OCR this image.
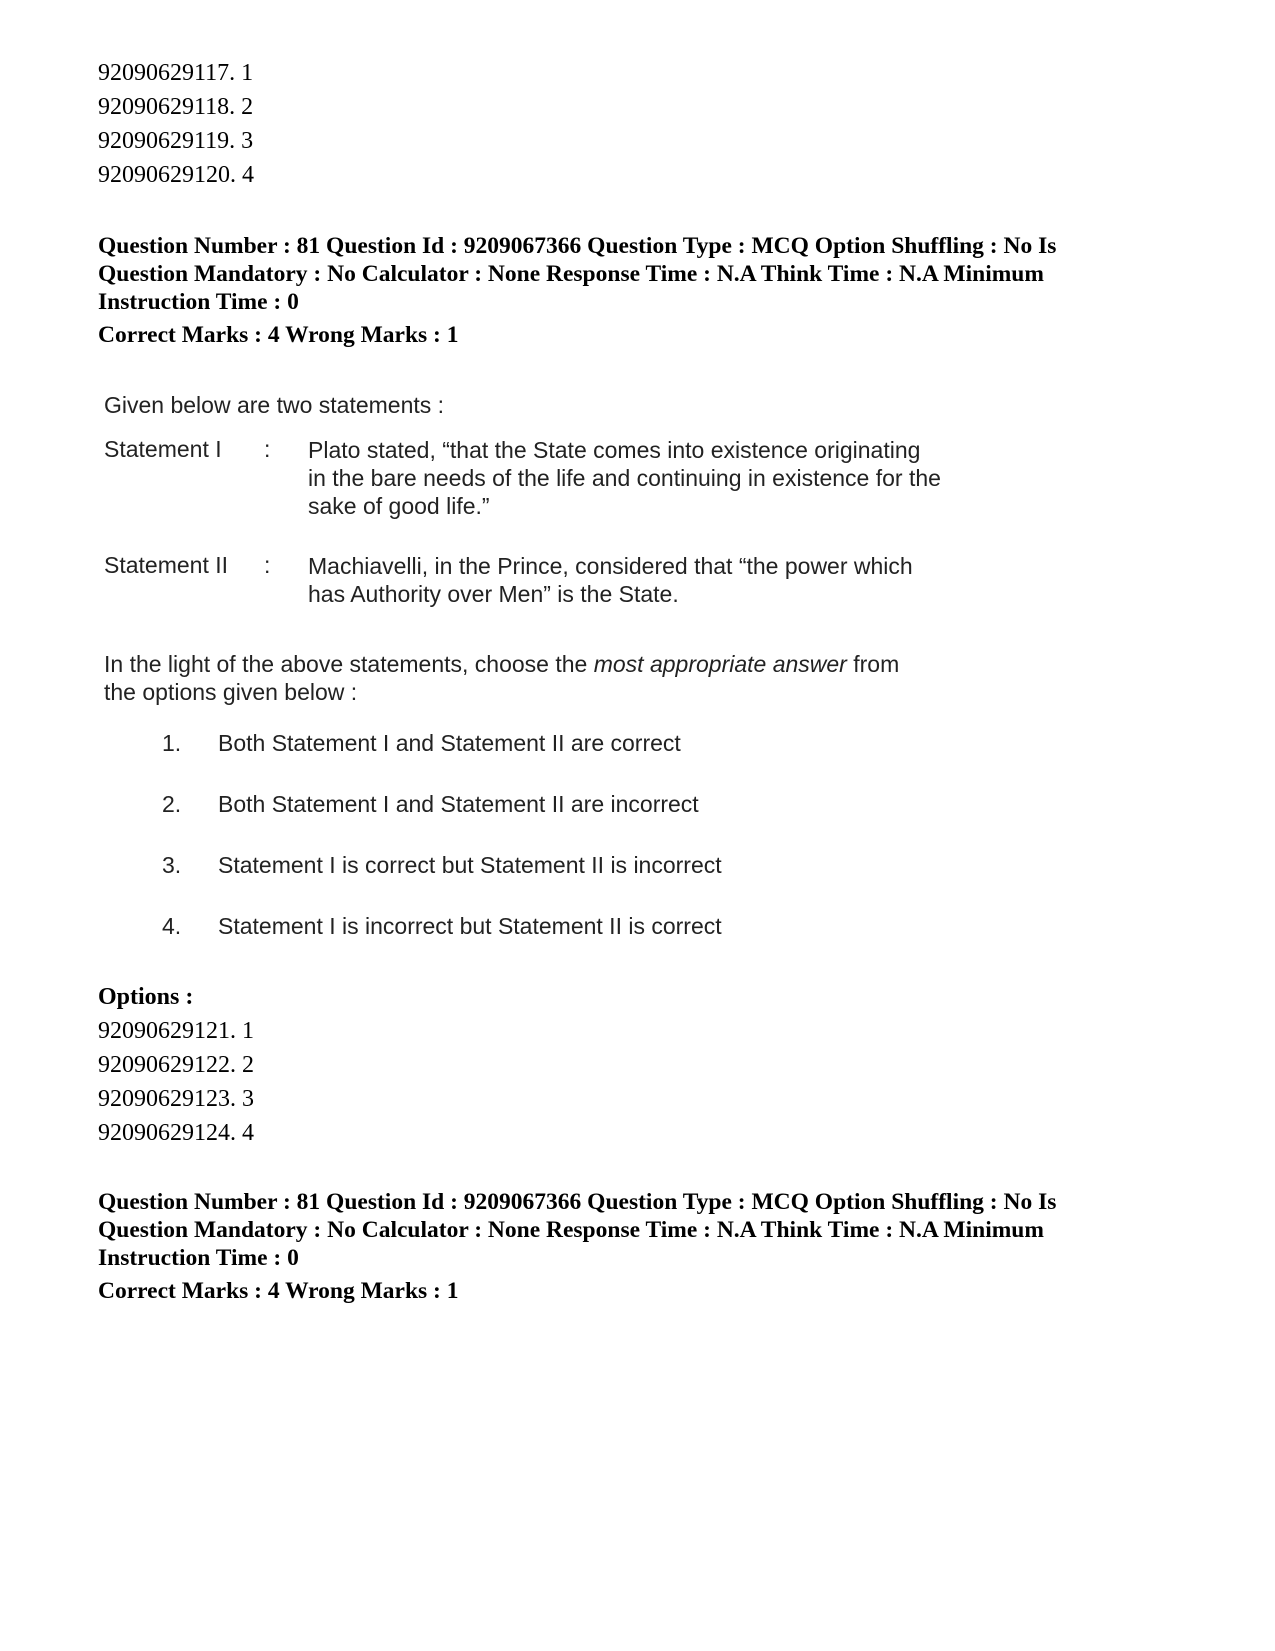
92090629117. 1
92090629118. 2
92090629119. 3
92090629120. 4
Question Number : 81 Question Id : 9209067366 Question Type : MCQ Option Shuffling : No Is
Question Mandatory : No Calculator : None Response Time : N.A Think Time : N.A Minimum
Instruction Time : 0
Correct Marks : 4 Wrong Marks : 1
Given below are two statements :
Statement I : Plato stated, “that the State comes into existence originating
in the bare needs of the life and continuing in existence for the
sake of good life.”
Statement II : Machiavelli, in the Prince, considered that “the power which
has Authority over Men” is the State.
In the light of the above statements, choose the most appropriate answer from
the options given below :
1. Both Statement I and Statement II are correct
2. Both Statement I and Statement II are incorrect
3. Statement I is correct but Statement II is incorrect
4. Statement I is incorrect but Statement II is correct
Options :
92090629121. 1
92090629122. 2
92090629123. 3
92090629124. 4
Question Number : 81 Question Id : 9209067366 Question Type : MCQ Option Shuffling : No Is
Question Mandatory : No Calculator : None Response Time : N.A Think Time : N.A Minimum
Instruction Time : 0
Correct Marks : 4 Wrong Marks : 1
